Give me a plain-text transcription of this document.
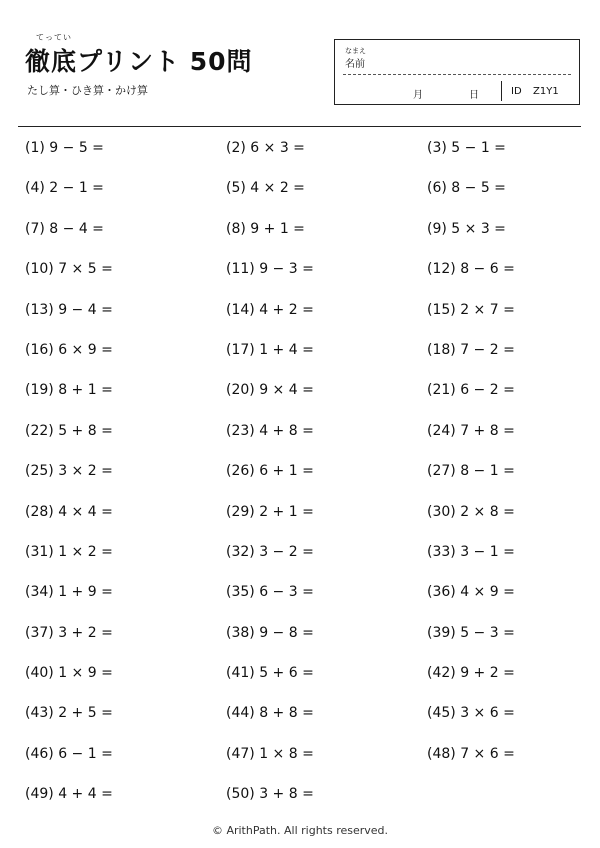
てってい
徹底プリント 50問
たし算・ひき算・かけ算
なまえ
名前
月	日	ID Z1Y1
(1) 9 − 5 =	(2) 6 × 3 =	(3) 5 − 1 =
(4) 2 − 1 =	(5) 4 × 2 =	(6) 8 − 5 =
(7) 8 − 4 =	(8) 9 + 1 =	(9) 5 × 3 =
(10) 7 × 5 =	(11) 9 − 3 =	(12) 8 − 6 =
(13) 9 − 4 =	(14) 4 + 2 =	(15) 2 × 7 =
(16) 6 × 9 =	(17) 1 + 4 =	(18) 7 − 2 =
(19) 8 + 1 =	(20) 9 × 4 =	(21) 6 − 2 =
(22) 5 + 8 =	(23) 4 + 8 =	(24) 7 + 8 =
(25) 3 × 2 =	(26) 6 + 1 =	(27) 8 − 1 =
(28) 4 × 4 =	(29) 2 + 1 =	(30) 2 × 8 =
(31) 1 × 2 =	(32) 3 − 2 =	(33) 3 − 1 =
(34) 1 + 9 =	(35) 6 − 3 =	(36) 4 × 9 =
(37) 3 + 2 =	(38) 9 − 8 =	(39) 5 − 3 =
(40) 1 × 9 =	(41) 5 + 6 =	(42) 9 + 2 =
(43) 2 + 5 =	(44) 8 + 8 =	(45) 3 × 6 =
(46) 6 − 1 =	(47) 1 × 8 =	(48) 7 × 6 =
(49) 4 + 4 =	(50) 3 + 8 =
© ArithPath. All rights reserved.
